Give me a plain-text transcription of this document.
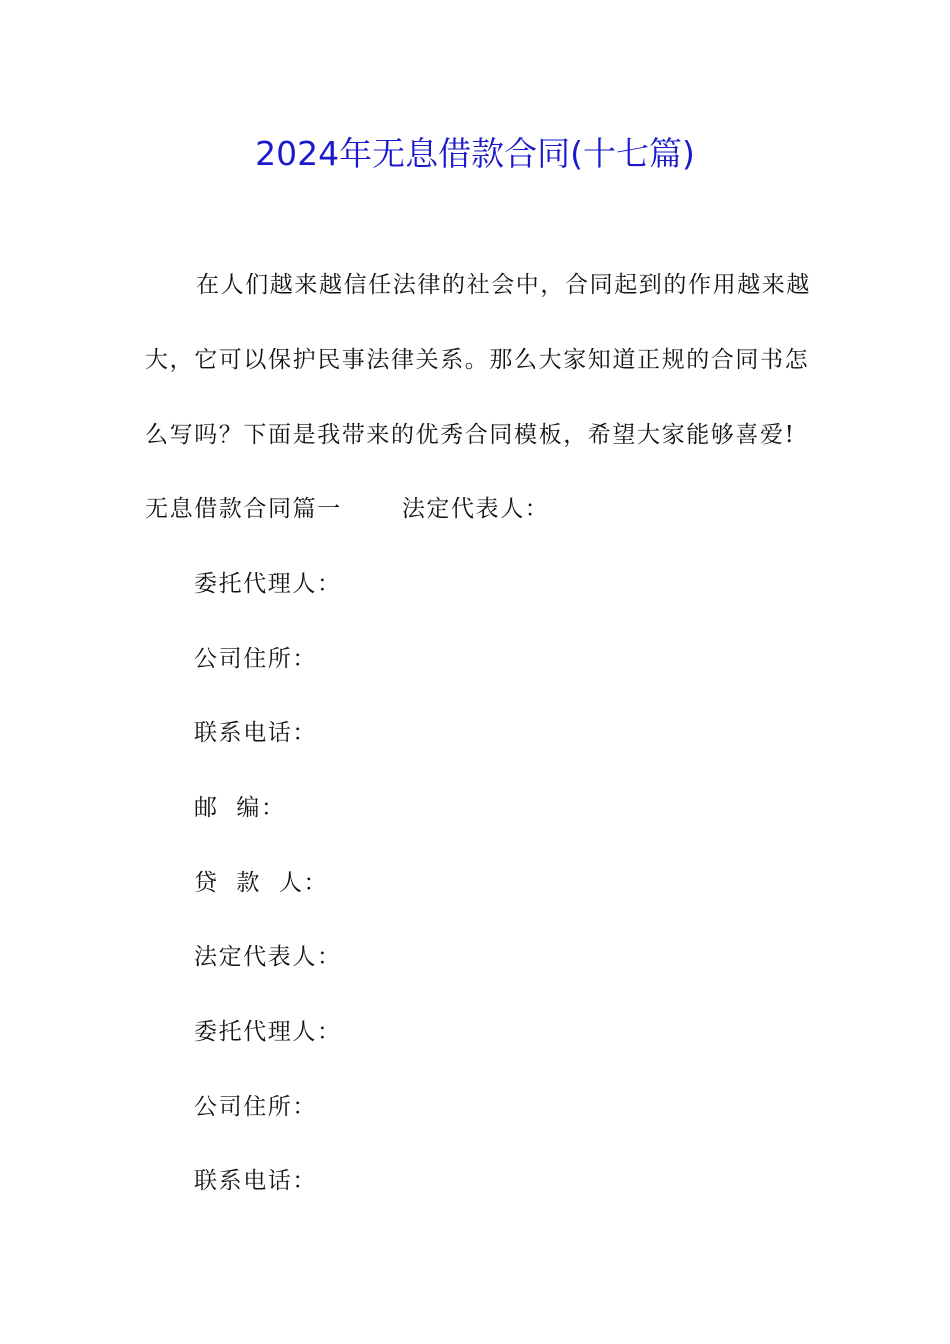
2024年无息借款合同(十七篇)
在人们越来越信任法律的社会中，合同起到的作用越来越
大，它可以保护民事法律关系。那么大家知道正规的合同书怎
么写吗？下面是我带来的优秀合同模板，希望大家能够喜爱!
无息借款合同篇一	法定代表人：
委托代理人：
公司住所：
联系电话：
邮  编：
贷  款  人：
法定代表人：
委托代理人：
公司住所：
联系电话：
